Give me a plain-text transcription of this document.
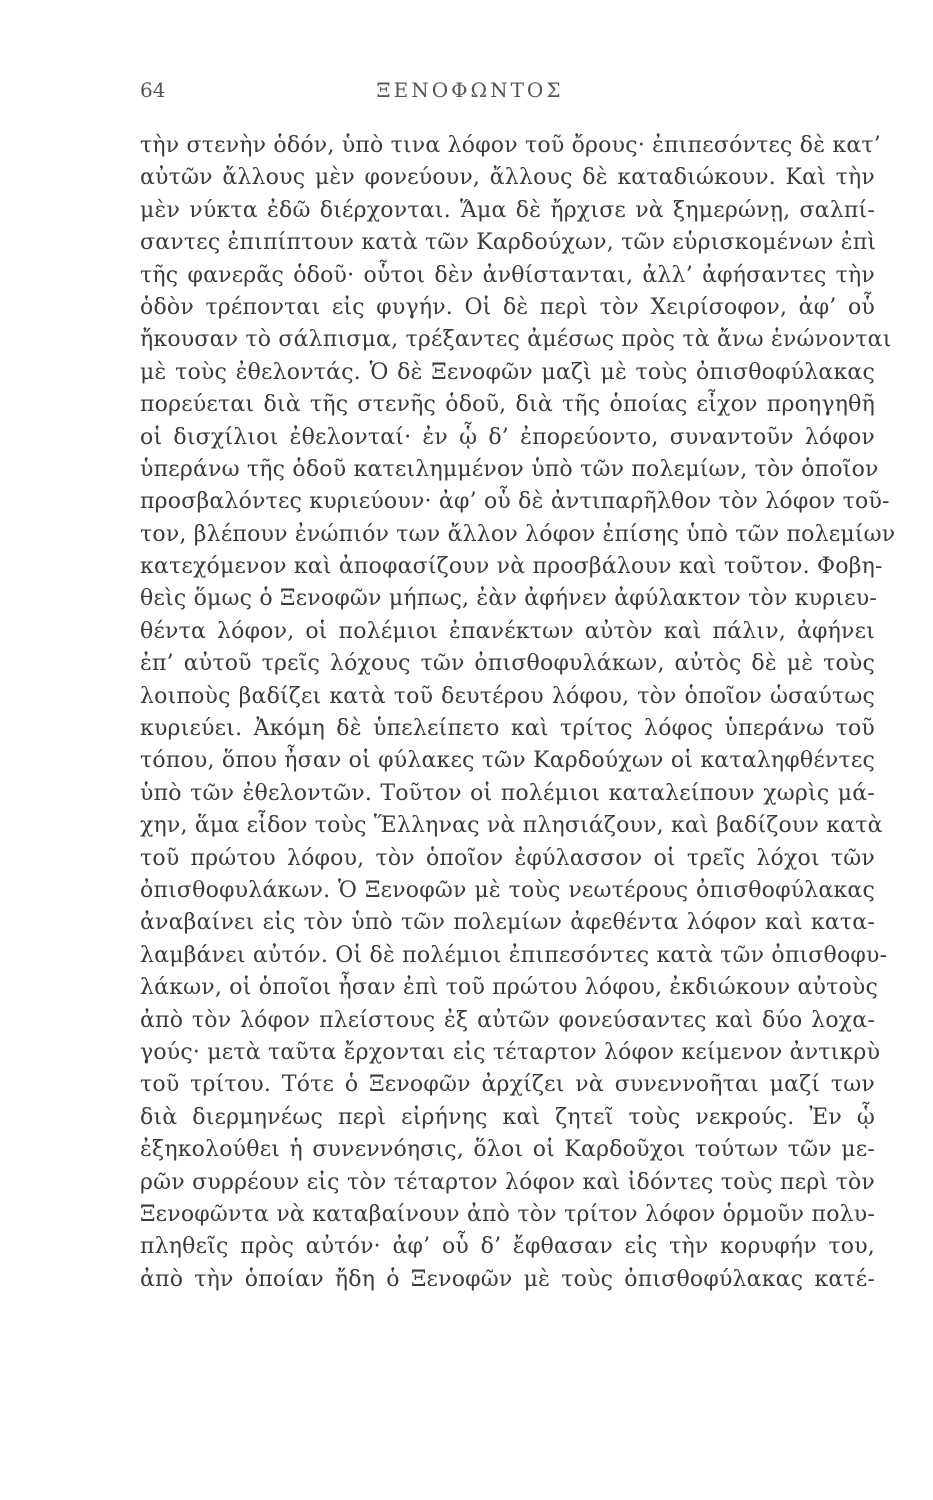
64	ΞΕΝΟΦΩΝΤΟΣ
τὴν στενὴν ὁδόν, ὑπὸ τινα λόφον τοῦ ὄρους· ἐπιπεσόντες δὲ κατ’
αὐτῶν ἄλλους μὲν φονεύουν, ἄλλους δὲ καταδιώκουν. Καὶ τὴν
μὲν νύκτα ἐδῶ διέρχονται. Ἅμα δὲ ἤρχισε νὰ ξημερώνῃ, σαλπί-
σαντες ἐπιπίπτουν κατὰ τῶν Καρδούχων, τῶν εὑρισκομένων ἐπὶ
τῆς φανερᾶς ὁδοῦ· οὗτοι δὲν ἀνθίστανται, ἀλλ’ ἀφήσαντες τὴν
ὁδὸν τρέπονται εἰς φυγήν. Οἱ δὲ περὶ τὸν Χειρίσοφον, ἀφ’ οὗ
ἤκουσαν τὸ σάλπισμα, τρέξαντες ἀμέσως πρὸς τὰ ἄνω ἑνώνονται
μὲ τοὺς ἐθελοντάς. Ὁ δὲ Ξενοφῶν μαζὶ μὲ τοὺς ὀπισθοφύλακας
πορεύεται διὰ τῆς στενῆς ὁδοῦ, διὰ τῆς ὁποίας εἶχον προηγηθῆ
οἱ δισχίλιοι ἐθελονταί· ἐν ᾧ δ’ ἐπορεύοντο, συναντοῦν λόφον
ὑπεράνω τῆς ὁδοῦ κατειλημμένον ὑπὸ τῶν πολεμίων, τὸν ὁποῖον
προσβαλόντες κυριεύουν· ἀφ’ οὗ δὲ ἀντιπαρῆλθον τὸν λόφον τοῦ-
τον, βλέπουν ἐνώπιόν των ἄλλον λόφον ἐπίσης ὑπὸ τῶν πολεμίων
κατεχόμενον καὶ ἀποφασίζουν νὰ προσβάλουν καὶ τοῦτον. Φοβη-
θεὶς ὅμως ὁ Ξενοφῶν μήπως, ἐὰν ἀφήνεν ἀφύλακτον τὸν κυριευ-
θέντα λόφον, οἱ πολέμιοι ἐπανέκτων αὐτὸν καὶ πάλιν, ἀφήνει
ἐπ’ αὐτοῦ τρεῖς λόχους τῶν ὀπισθοφυλάκων, αὐτὸς δὲ μὲ τοὺς
λοιποὺς βαδίζει κατὰ τοῦ δευτέρου λόφου, τὸν ὁποῖον ὡσαύτως
κυριεύει. Ἀκόμη δὲ ὑπελείπετο καὶ τρίτος λόφος ὑπεράνω τοῦ
τόπου, ὅπου ἦσαν οἱ φύλακες τῶν Καρδούχων οἱ καταληφθέντες
ὑπὸ τῶν ἐθελοντῶν. Τοῦτον οἱ πολέμιοι καταλείπουν χωρὶς μά-
χην, ἅμα εἶδον τοὺς Ἕλληνας νὰ πλησιάζουν, καὶ βαδίζουν κατὰ
τοῦ πρώτου λόφου, τὸν ὁποῖον ἐφύλασσον οἱ τρεῖς λόχοι τῶν
ὀπισθοφυλάκων. Ὁ Ξενοφῶν μὲ τοὺς νεωτέρους ὀπισθοφύλακας
ἀναβαίνει εἰς τὸν ὑπὸ τῶν πολεμίων ἀφεθέντα λόφον καὶ κατα-
λαμβάνει αὐτόν. Οἱ δὲ πολέμιοι ἐπιπεσόντες κατὰ τῶν ὀπισθοφυ-
λάκων, οἱ ὁποῖοι ἦσαν ἐπὶ τοῦ πρώτου λόφου, ἐκδιώκουν αὐτοὺς
ἀπὸ τὸν λόφον πλείστους ἐξ αὐτῶν φονεύσαντες καὶ δύο λοχα-
γούς· μετὰ ταῦτα ἔρχονται εἰς τέταρτον λόφον κείμενον ἀντικρὺ
τοῦ τρίτου. Τότε ὁ Ξενοφῶν ἀρχίζει νὰ συνεννοῆται μαζί των
διὰ διερμηνέως περὶ εἰρήνης καὶ ζητεῖ τοὺς νεκρούς. Ἐν ᾧ
ἐξηκολούθει ἡ συνεννόησις, ὅλοι οἱ Καρδοῦχοι τούτων τῶν με-
ρῶν συρρέουν εἰς τὸν τέταρτον λόφον καὶ ἰδόντες τοὺς περὶ τὸν
Ξενοφῶντα νὰ καταβαίνουν ἀπὸ τὸν τρίτον λόφον ὁρμοῦν πολυ-
πληθεῖς πρὸς αὐτόν· ἀφ’ οὗ δ’ ἔφθασαν εἰς τὴν κορυφήν του,
ἀπὸ τὴν ὁποίαν ἤδη ὁ Ξενοφῶν μὲ τοὺς ὀπισθοφύλακας κατέ-
